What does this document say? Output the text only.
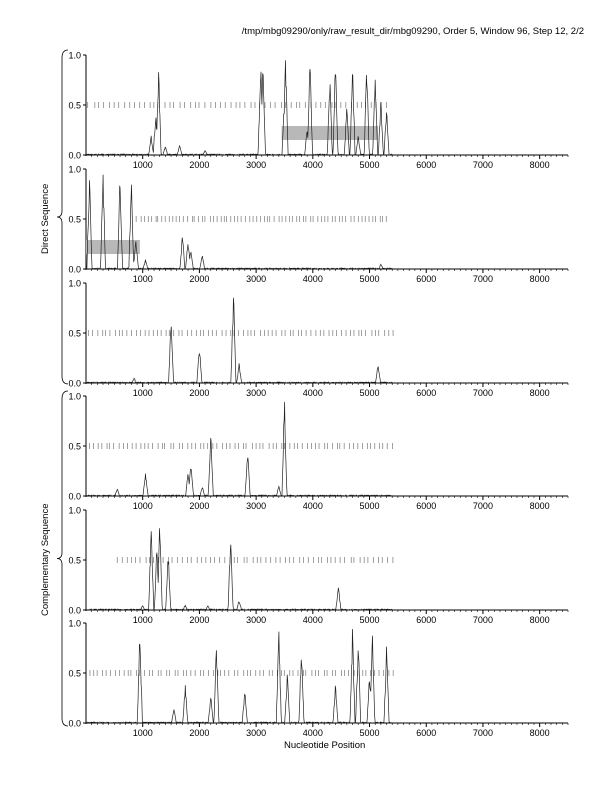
/tmp/mbg09290/only/raw_result_dir/mbg09290, Order 5, Window 96, Step 12, 2/2
0.0
0.5
1.0
1000	2000	3000	4000	5000	6000	7000	8000
0.0
0.5
1.0
1000	2000	3000	4000	5000	6000	7000	8000
0.0
0.5
1.0
1000	2000	3000	4000	5000	6000	7000	8000
0.0
0.5
1.0
1000	2000	3000	4000	5000	6000	7000	8000
0.0
0.5
1.0
1000	2000	3000	4000	5000	6000	7000	8000
0.0
0.5
1.0
1000	2000	3000	4000	5000	6000	7000	8000
Nucleotide Position
Direct Sequence
Complementary Sequence
